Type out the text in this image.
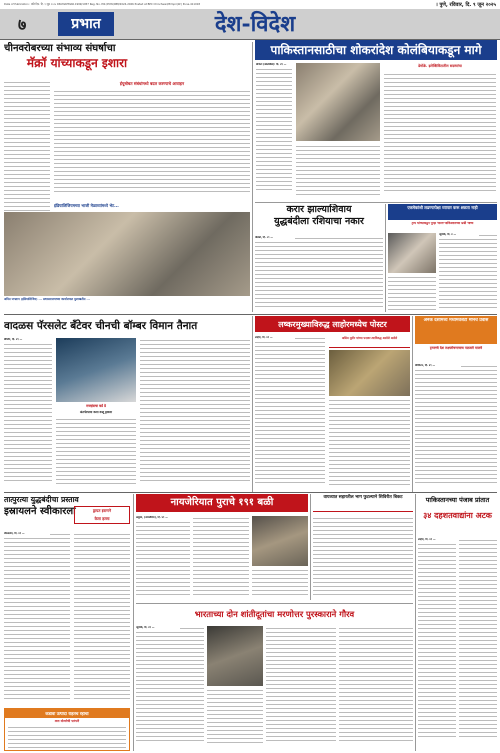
Date of Publication : प्रति दिन. दि. ९ जून २०२५ RNI.MAHMAR.1999/1957 Reg. No. P.N./PCW/088/2024-2026 Posted at BPC Chinchwad/Pimpri(W.) Pune-411018	। पुणे, रविवार, दि. ९ जून २०२५
७	प्रभात	देश-विदेश
चीनवरोबरच्या संभाव्य संघर्षाचा
मॅक्रॉ यांच्याकडून इशारा
ईयूसोबत संबंधांमध्ये बदल करण्याचे आवाहन
इंडियालिजियमच्या भाजी मेळाव्यांमध्ये भेट...
अमित जगताप (इंडियालिजिय) ... प्रशासनालयाच्या कार्यालयात मुलाखतीत ...
पाकिस्तानसाठीचा शोकरांदेश कोलंबियाकडून मागे
बोगोटा (कोलंबिया): दि. ४९ —	डेमोक्रे. इलेक्टिविटातील सदस्यांचा
करार झाल्याशिवाय
युद्धबंदीला रशियाचा नकार
मॉस्को, दि. ८९ —
वादळस पॅरसलेट बँटेवर चीनची बॉम्बर विमान तैनात
बीजिंग, दि. ४९ —
राजहंसचा बर्ड डे
अंतर्गतपाया कला वस्तू ड्रायला
लष्करमुख्याविरुद्ध लाहोरमध्येच पोस्टर
लाहोर, दि. ४९ —	असिम मुनीर यांच्या पदावर त्याविरुद्ध आलेले अलेले
अनेक देशांमध्ये मध्यमवेशेटी मीनचे प्रवास
ट्रम्पनचे देश लक्ष्यरोषणाचाच पाठवले मालवे
वॉशिंग्टन, दि. ४९ —
तात्पुरत्या युद्धबंदीचा प्रस्ताव
इस्रायलने स्वीकारला
जेरुसलेम, दि. ४९ —
ड्रायत इराणने
केला हल्ला
कडावा उत्पादा राहतच रहाचा
त्वरा योजनेची पारंपरी
नायजेरियात पुराचे १९१ बळी
अबुजा, (नायजेरिया), दि. ४९ —
वायव्यात सहारतील भाग फुटल्याने शिविरीत बिकट
भारताच्या दोन शांतीदूतांचा मरणोत्तर पुरस्काराने गौरव
न्यूयॉर्क, दि. ४९ —
पाकिस्तानच्या पंजाब प्रांतात
३४ दहशतवाद्यांना अटक
लाहोर, दि. ४९ —
एकमेकांशी लढण्यापेक्षा व्यापार करू शकता नाही
ट्रम्प यांच्याकडून पुन्हा भारत-पाकिस्तानच्या प्रश्नी भाष्य
न्यूयॉर्क, दि. ४ —
